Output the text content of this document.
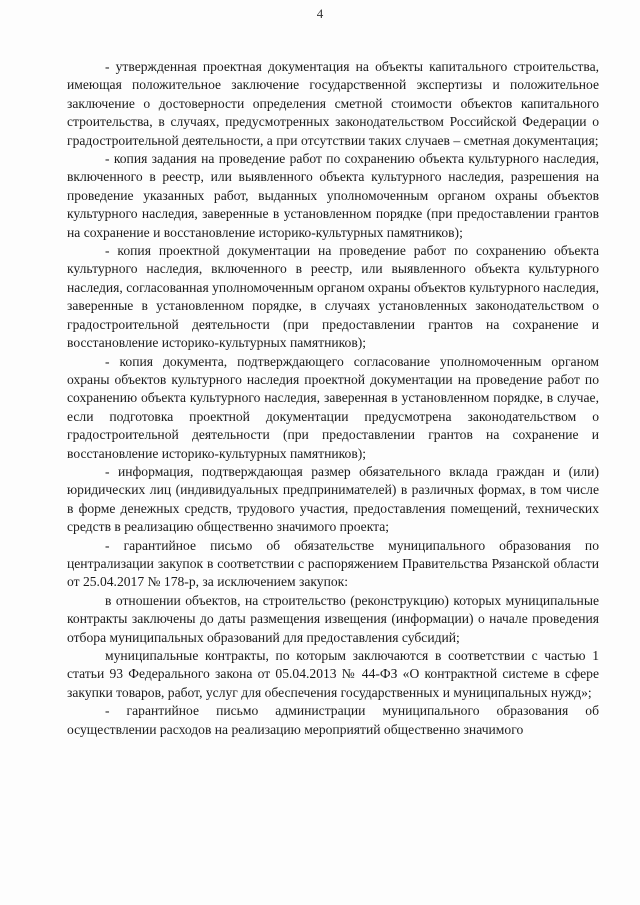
4

- утвержденная проектная документация на объекты капитального строительства, имеющая положительное заключение государственной экспертизы и положительное заключение о достоверности определения сметной стоимости объектов капитального строительства, в случаях, предусмотренных законодательством Российской Федерации о градостроительной деятельности, а при отсутствии таких случаев – сметная документация;

- копия задания на проведение работ по сохранению объекта культурного наследия, включенного в реестр, или выявленного объекта культурного наследия, разрешения на проведение указанных работ, выданных уполномоченным органом охраны объектов культурного наследия, заверенные в установленном порядке (при предоставлении грантов на сохранение и восстановление историко-культурных памятников);

- копия проектной документации на проведение работ по сохранению объекта культурного наследия, включенного в реестр, или выявленного объекта культурного наследия, согласованная уполномоченным органом охраны объектов культурного наследия, заверенные в установленном порядке, в случаях установленных законодательством о градостроительной деятельности (при предоставлении грантов на сохранение и восстановление историко-культурных памятников);

- копия документа, подтверждающего согласование уполномоченным органом охраны объектов культурного наследия проектной документации на проведение работ по сохранению объекта культурного наследия, заверенная в установленном порядке, в случае, если подготовка проектной документации предусмотрена законодательством о градостроительной деятельности (при предоставлении грантов на сохранение и восстановление историко-культурных памятников);

- информация, подтверждающая размер обязательного вклада граждан и (или) юридических лиц (индивидуальных предпринимателей) в различных формах, в том числе в форме денежных средств, трудового участия, предоставления помещений, технических средств в реализацию общественно значимого проекта;

- гарантийное письмо об обязательстве муниципального образования по централизации закупок в соответствии с распоряжением Правительства Рязанской области от 25.04.2017 № 178-р, за исключением закупок:

в отношении объектов, на строительство (реконструкцию) которых муниципальные контракты заключены до даты размещения извещения (информации) о начале проведения отбора муниципальных образований для предоставления субсидий;

муниципальные контракты, по которым заключаются в соответствии с частью 1 статьи 93 Федерального закона от 05.04.2013 № 44-ФЗ «О контрактной системе в сфере закупки товаров, работ, услуг для обеспечения государственных и муниципальных нужд»;

- гарантийное письмо администрации муниципального образования об осуществлении расходов на реализацию мероприятий общественно значимого
